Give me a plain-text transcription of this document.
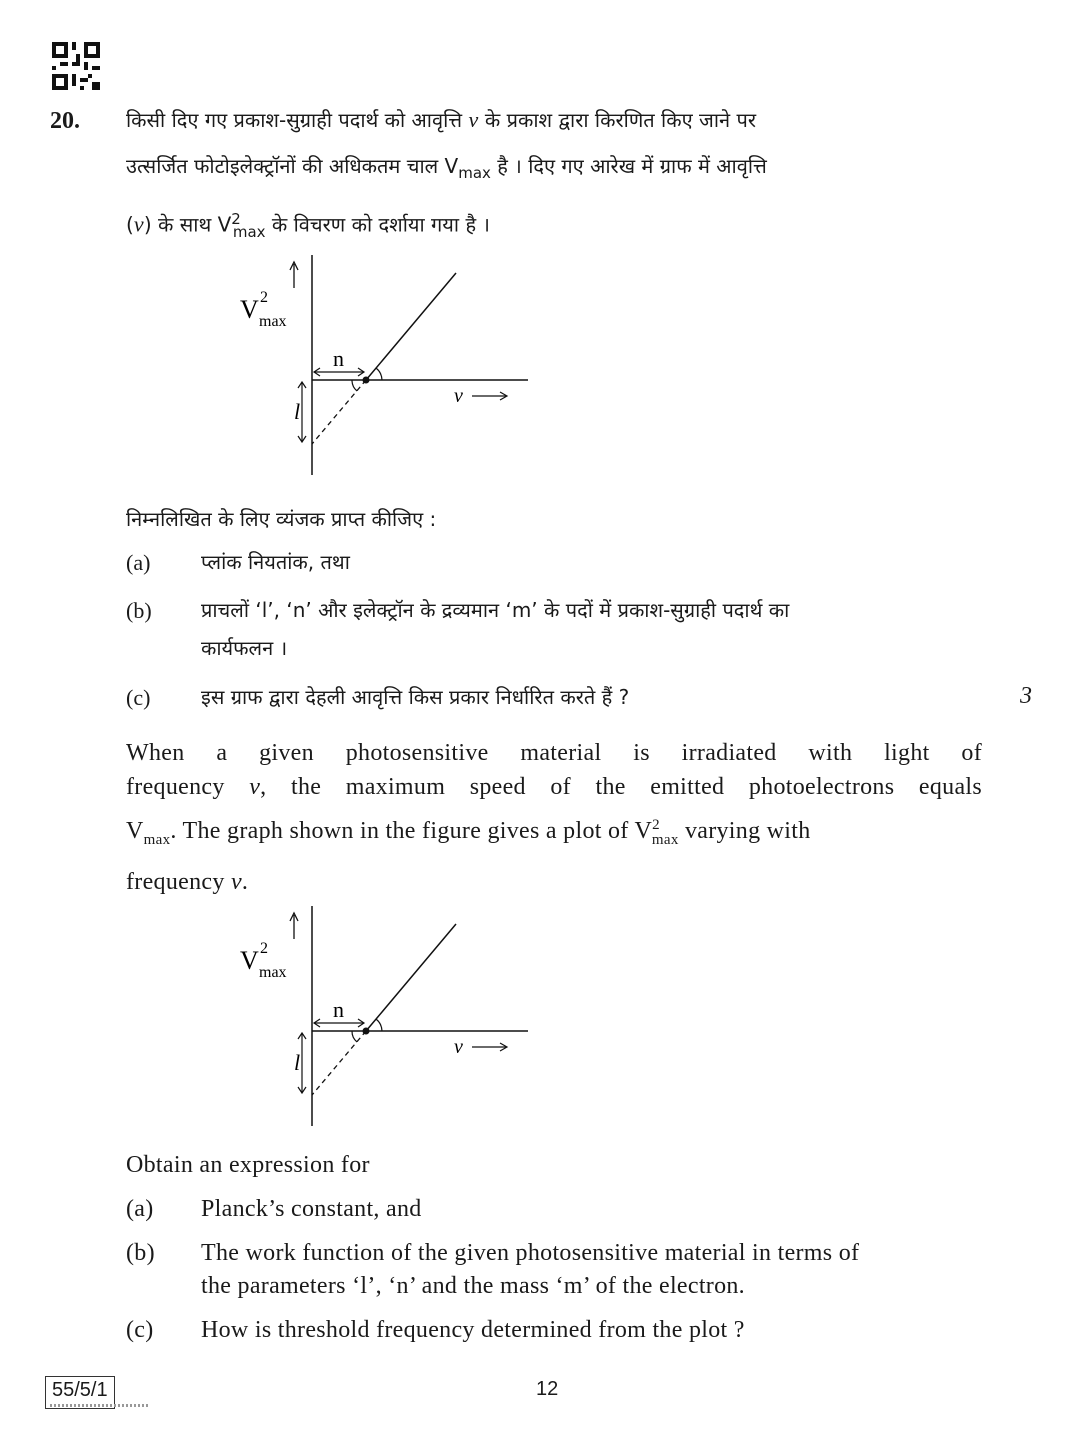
20. किसी दिए गए प्रकाश-सुग्राही पदार्थ को आवृत्ति v के प्रकाश द्वारा किरणित किए जाने पर
उत्सर्जित फोटोइलेक्ट्रॉनों की अधिकतम चाल $V_{max}$ है । दिए गए आरेख में ग्राफ में आवृत्ति
(v) के साथ $V^2_{max}$ के विचरण को दर्शाया गया है ।
V 2
max
n
l
v
निम्नलिखित के लिए व्यंजक प्राप्त कीजिए :
(a)	प्लांक नियतांक, तथा
(b) प्राचलों ‘l’, ‘n’ और इलेक्ट्रॉन के द्रव्यमान ‘m’ के पदों में प्रकाश-सुग्राही पदार्थ का
कार्यफलन ।
(c)	इस ग्राफ द्वारा देहली आवृत्ति किस प्रकार निर्धारित करते हैं ?	3
When a given photosensitive material is irradiated with light of
frequency v, the maximum speed of the emitted photoelectrons equals
$V_{max}$. The graph shown in the figure gives a plot of $V^2_{max}$ varying with
frequency v.
V 2
max
n
l
v
Obtain an expression for
(a) Planck’s constant, and
(b) The work function of the given photosensitive material in terms of
the parameters ‘l’, ‘n’ and the mass ‘m’ of the electron.
(c) How is threshold frequency determined from the plot ?
55/5/1	12
